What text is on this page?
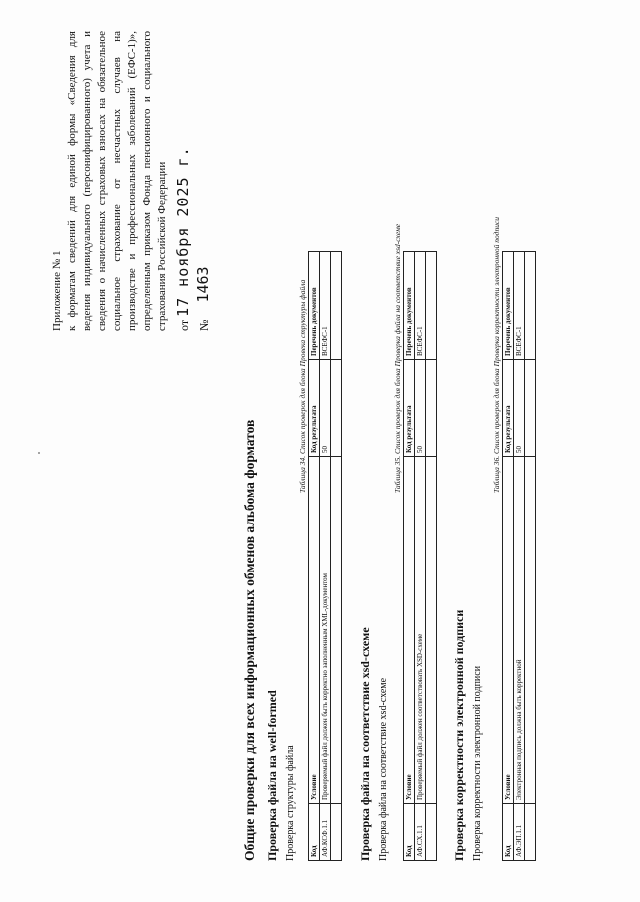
Приложение № 1 к форматам сведений для единой формы «Сведения для ведения индивидуального (персонифицированного) учета и сведения о начисленных страховых взносах на обязательное социальное страхование от несчастных случаев на производстве и профессиональных заболеваний (ЕФС-1)», определенным приказом Фонда пенсионного и социального страхования Российской Федерации от 17 ноября 2025 г.
№ 1463
Общие проверки для всех информационных обменов альбома форматов Проверка файла на well-formed Проверка структуры файла
Таблица 34. Список проверок для блока Провека структуры файла
Код	Условие	Код результата	Перечень документов
АФ.КСФ.1.1	Проверяемый файл должен быть корректно заполненным XML-документом	50	ВСЕФС-1

Проверка файла на соответствие xsd-схеме Проверка файла на соответствие xsd-схеме
Таблица 35. Список проверок для блока Проверка файла на соответствие xsd-схеме
Код	Условие	Код результата	Перечень документов
АФ.СХ.1.1	Проверяемый файл должен соответствовать XSD-схеме	50	ВСЕФС-1

Проверка корректности электронной подписи Проверка корректности электронной подписи
Таблица 36. Список проверок для блока Проверка корректности электронной подписи
Код	Условие	Код результата	Перечень документов
АФ.ЭП.1.1	Электронная подпись должна быть корректной	50	ВСЕФС-1
